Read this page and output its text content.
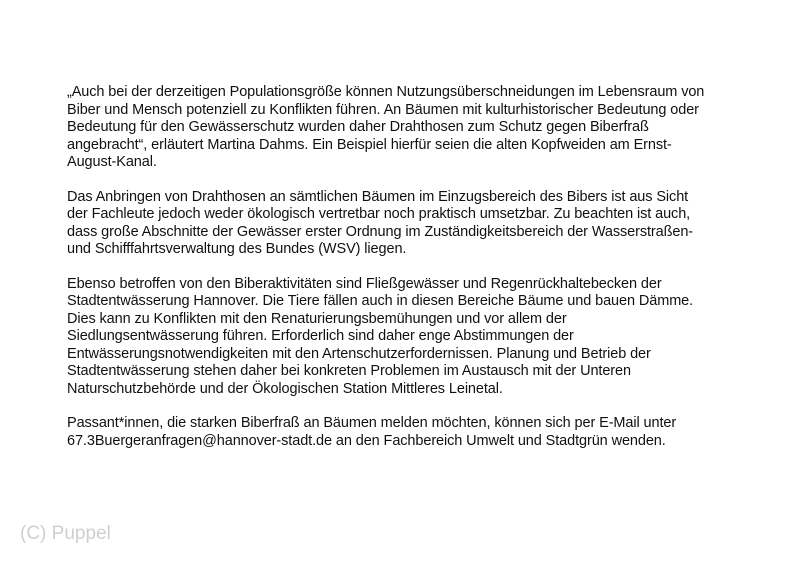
„Auch bei der derzeitigen Populationsgröße können Nutzungsüberschneidungen im Lebensraum von
Biber und Mensch potenziell zu Konflikten führen. An Bäumen mit kulturhistorischer Bedeutung oder
Bedeutung für den Gewässerschutz wurden daher Drahthosen zum Schutz gegen Biberfraß
angebracht“, erläutert Martina Dahms. Ein Beispiel hierfür seien die alten Kopfweiden am Ernst-
August-Kanal.

Das Anbringen von Drahthosen an sämtlichen Bäumen im Einzugsbereich des Bibers ist aus Sicht
der Fachleute jedoch weder ökologisch vertretbar noch praktisch umsetzbar. Zu beachten ist auch,
dass große Abschnitte der Gewässer erster Ordnung im Zuständigkeitsbereich der Wasserstraßen-
und Schifffahrtsverwaltung des Bundes (WSV) liegen.

Ebenso betroffen von den Biberaktivitäten sind Fließgewässer und Regenrückhaltebecken der
Stadtentwässerung Hannover. Die Tiere fällen auch in diesen Bereiche Bäume und bauen Dämme.
Dies kann zu Konflikten mit den Renaturierungsbemühungen und vor allem der
Siedlungsentwässerung führen. Erforderlich sind daher enge Abstimmungen der
Entwässerungsnotwendigkeiten mit den Artenschutzerfordernissen. Planung und Betrieb der
Stadtentwässerung stehen daher bei konkreten Problemen im Austausch mit der Unteren
Naturschutzbehörde und der Ökologischen Station Mittleres Leinetal.

Passant*innen, die starken Biberfraß an Bäumen melden möchten, können sich per E-Mail unter
67.3Buergeranfragen@hannover-stadt.de an den Fachbereich Umwelt und Stadtgrün wenden.

(C) Puppel
